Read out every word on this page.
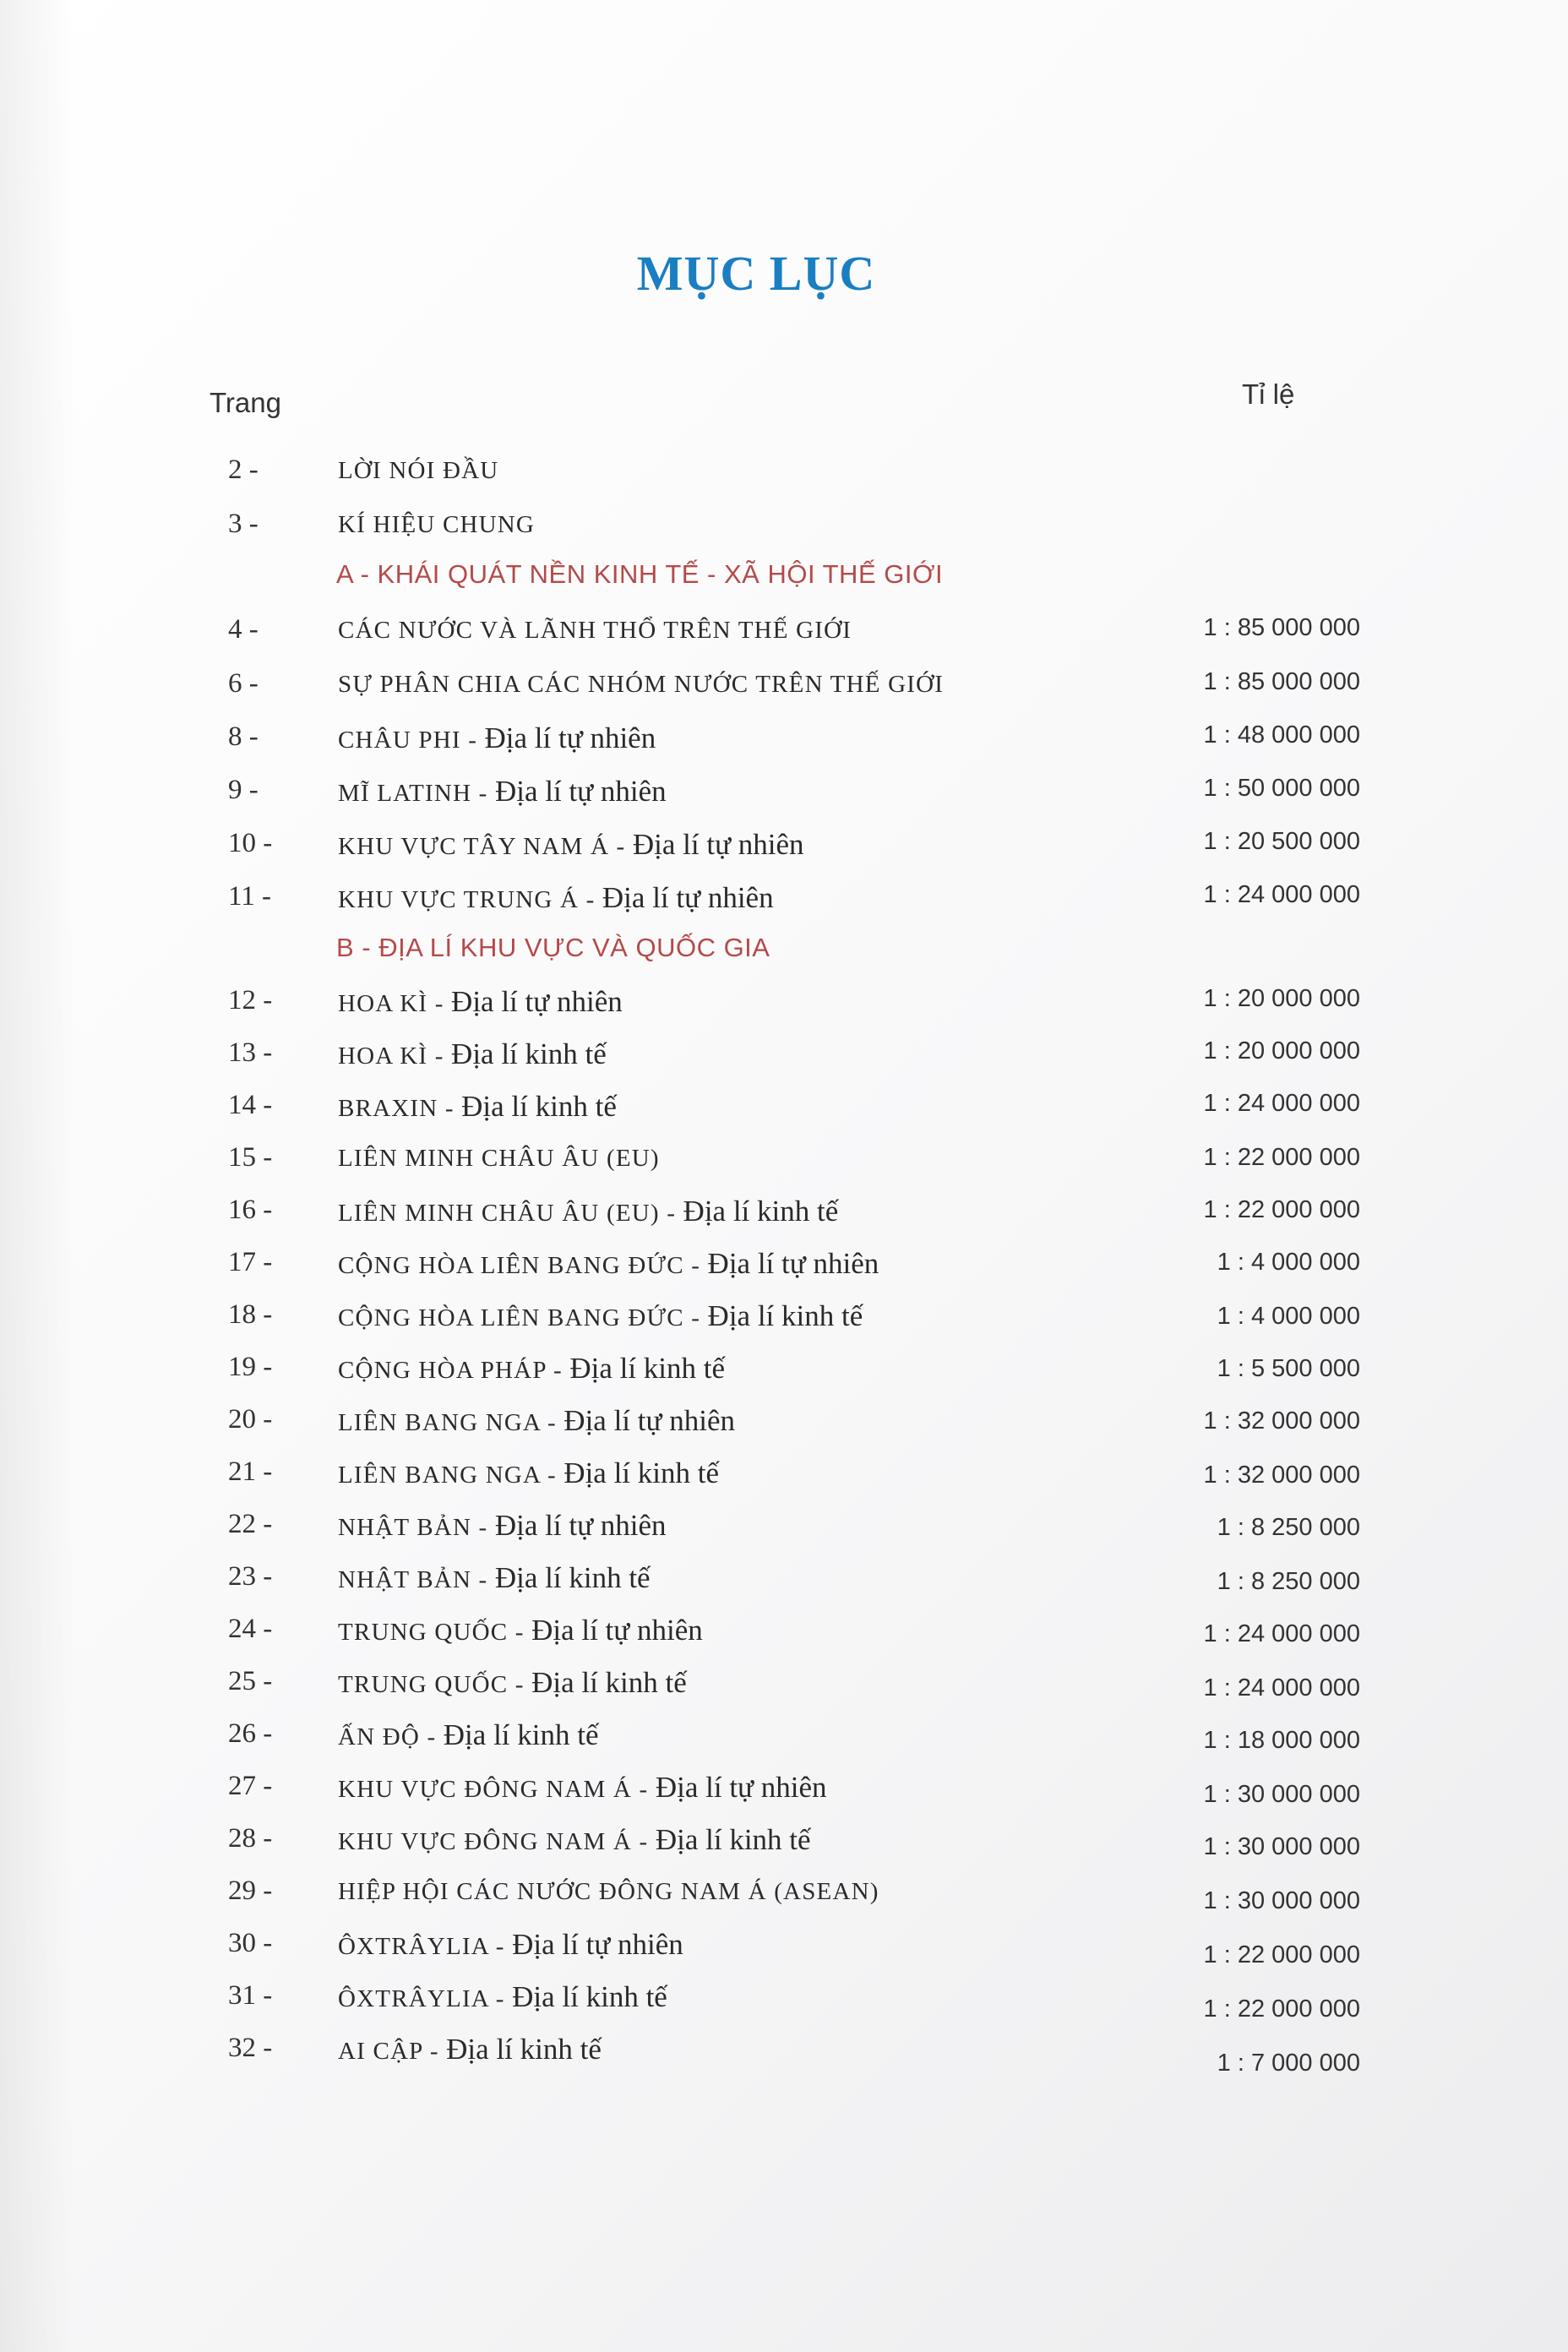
MỤC LỤC
Trang	Tỉ lệ
A - KHÁI QUÁT NỀN KINH TẾ - XÃ HỘI THẾ GIỚI
B - ĐỊA LÍ KHU VỰC VÀ QUỐC GIA
2 -	LỜI NÓI ĐẦU
3 -	KÍ HIỆU CHUNG
4 -	CÁC NƯỚC VÀ LÃNH THỔ TRÊN THẾ GIỚI	1 : 85 000 000
6 -	SỰ PHÂN CHIA CÁC NHÓM NƯỚC TRÊN THẾ GIỚI	1 : 85 000 000
8 -	CHÂU PHI - Địa lí tự nhiên	1 : 48 000 000
9 -	MĨ LATINH - Địa lí tự nhiên	1 : 50 000 000
10 -	KHU VỰC TÂY NAM Á - Địa lí tự nhiên	1 : 20 500 000
11 -	KHU VỰC TRUNG Á - Địa lí tự nhiên	1 : 24 000 000
12 -	HOA KÌ - Địa lí tự nhiên	1 : 20 000 000
13 -	HOA KÌ - Địa lí kinh tế	1 : 20 000 000
14 -	BRAXIN - Địa lí kinh tế	1 : 24 000 000
15 -	LIÊN MINH CHÂU ÂU (EU)	1 : 22 000 000
16 -	LIÊN MINH CHÂU ÂU (EU) - Địa lí kinh tế	1 : 22 000 000
17 -	CỘNG HÒA LIÊN BANG ĐỨC - Địa lí tự nhiên	1 : 4 000 000
18 -	CỘNG HÒA LIÊN BANG ĐỨC - Địa lí kinh tế	1 : 4 000 000
19 -	CỘNG HÒA PHÁP - Địa lí kinh tế	1 : 5 500 000
20 -	LIÊN BANG NGA - Địa lí tự nhiên	1 : 32 000 000
21 -	LIÊN BANG NGA - Địa lí kinh tế	1 : 32 000 000
22 -	NHẬT BẢN - Địa lí tự nhiên	1 : 8 250 000
23 -	NHẬT BẢN - Địa lí kinh tế	1 : 8 250 000
24 -	TRUNG QUỐC - Địa lí tự nhiên	1 : 24 000 000
25 -	TRUNG QUỐC - Địa lí kinh tế	1 : 24 000 000
26 -	ẤN ĐỘ - Địa lí kinh tế	1 : 18 000 000
27 -	KHU VỰC ĐÔNG NAM Á - Địa lí tự nhiên	1 : 30 000 000
28 -	KHU VỰC ĐÔNG NAM Á - Địa lí kinh tế	1 : 30 000 000
29 -	HIỆP HỘI CÁC NƯỚC ĐÔNG NAM Á (ASEAN)	1 : 30 000 000
30 -	ÔXTRÂYLIA - Địa lí tự nhiên	1 : 22 000 000
31 -	ÔXTRÂYLIA - Địa lí kinh tế	1 : 22 000 000
32 -	AI CẬP - Địa lí kinh tế	1 : 7 000 000
